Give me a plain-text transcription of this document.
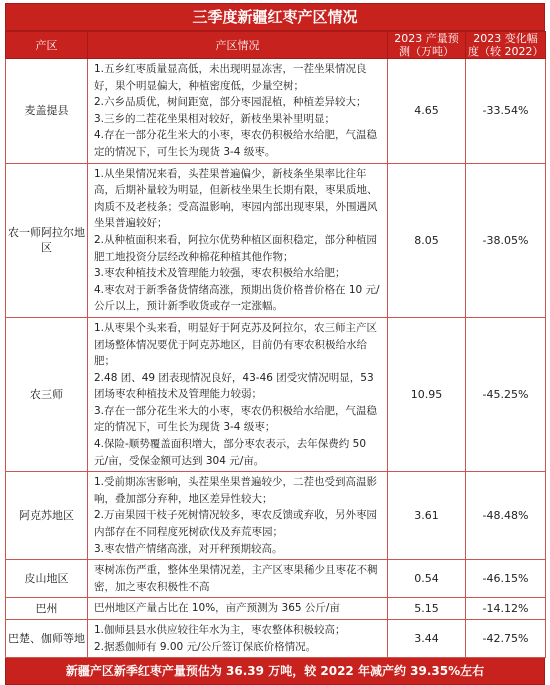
三季度新疆红枣产区情况
产区	产区情况	2023 产量预测（万吨）	2023 变化幅度（较 2022）
麦盖提县	1.五乡红枣质量显高低，未出现明显冻害，一茬坐果情况良好，果个明显偏大，种植密度低，少量空树；
2.六乡品质优，树间距宽，部分枣园混植，种植差异较大；
3.三乡的二茬花坐果相对较好，新枝坐果补里明显；
4.存在一部分花生米大的小枣，枣农仍积极给水给肥，气温稳定的情况下，可生长为现货 3-4 级枣。	4.65	-33.54%
农一师阿拉尔地区	1.从坐果情况来看，头茬果普遍偏少，新枝条坐果率比往年高，后期补量较为明显，但新枝坐果生长期有限，枣果质地、肉质不及老枝条；受高温影响，枣园内部出现枣果，外围遇风坐果普遍较好；
2.从种植面积来看，阿拉尔优势种植区面积稳定，部分种植园肥工地投资分层经改种棉花种植其他作物；
3.枣农种植技术及管理能力较强，枣农积极给水给肥；
4.枣农对于新季备货情绪高涨，预期出货价格普价格在 10 元/公斤以上，预计新季收货或存一定涨幅。	8.05	-38.05%
农三师	1.从枣果个头来看，明显好于阿克苏及阿拉尔，农三师主产区团场整体情况要优于阿克苏地区，目前仍有枣农积极给水给肥；
2.48 团、49 团表现情况良好，43-46 团受灾情况明显，53 团场枣农种植技术及管理能力较弱；
3.存在一部分花生米大的小枣，枣农仍积极给水给肥，气温稳定的情况下，可生长为现货 3-4 级枣；
4.保险-顺势覆盖面积增大，部分枣农表示，去年保费约 50 元/亩，受保金额可达到 304 元/亩。	10.95	-45.25%
阿克苏地区	1.受前期冻害影响，头茬果坐果普遍较少，二茬也受到高温影响，叠加部分弃种，地区差异性较大；
2.万亩果园干枝子死树情况较多，枣农反馈或弃收，另外枣园内部存在不同程度死树砍伐及弃荒枣园；
3.枣农惜产情绪高涨，对开秤预期较高。	3.61	-48.48%
皮山地区	枣树冻伤严重，整体坐果情况差，主产区枣果稀少且枣花不稠密，加之枣农积极性不高	0.54	-46.15%
巴州	巴州地区产量占比在 10%，亩产预测为 365 公斤/亩	5.15	-14.12%
巴楚、伽师等地	1.伽师县县水供应较往年水为主，枣农整体积极较高；
2.据悉伽师有 9.00 元/公斤签订保底价格情况。	3.44	-42.75%
新疆产区新季红枣产量预估为 36.39 万吨，较 2022 年减产约 39.35%左右
